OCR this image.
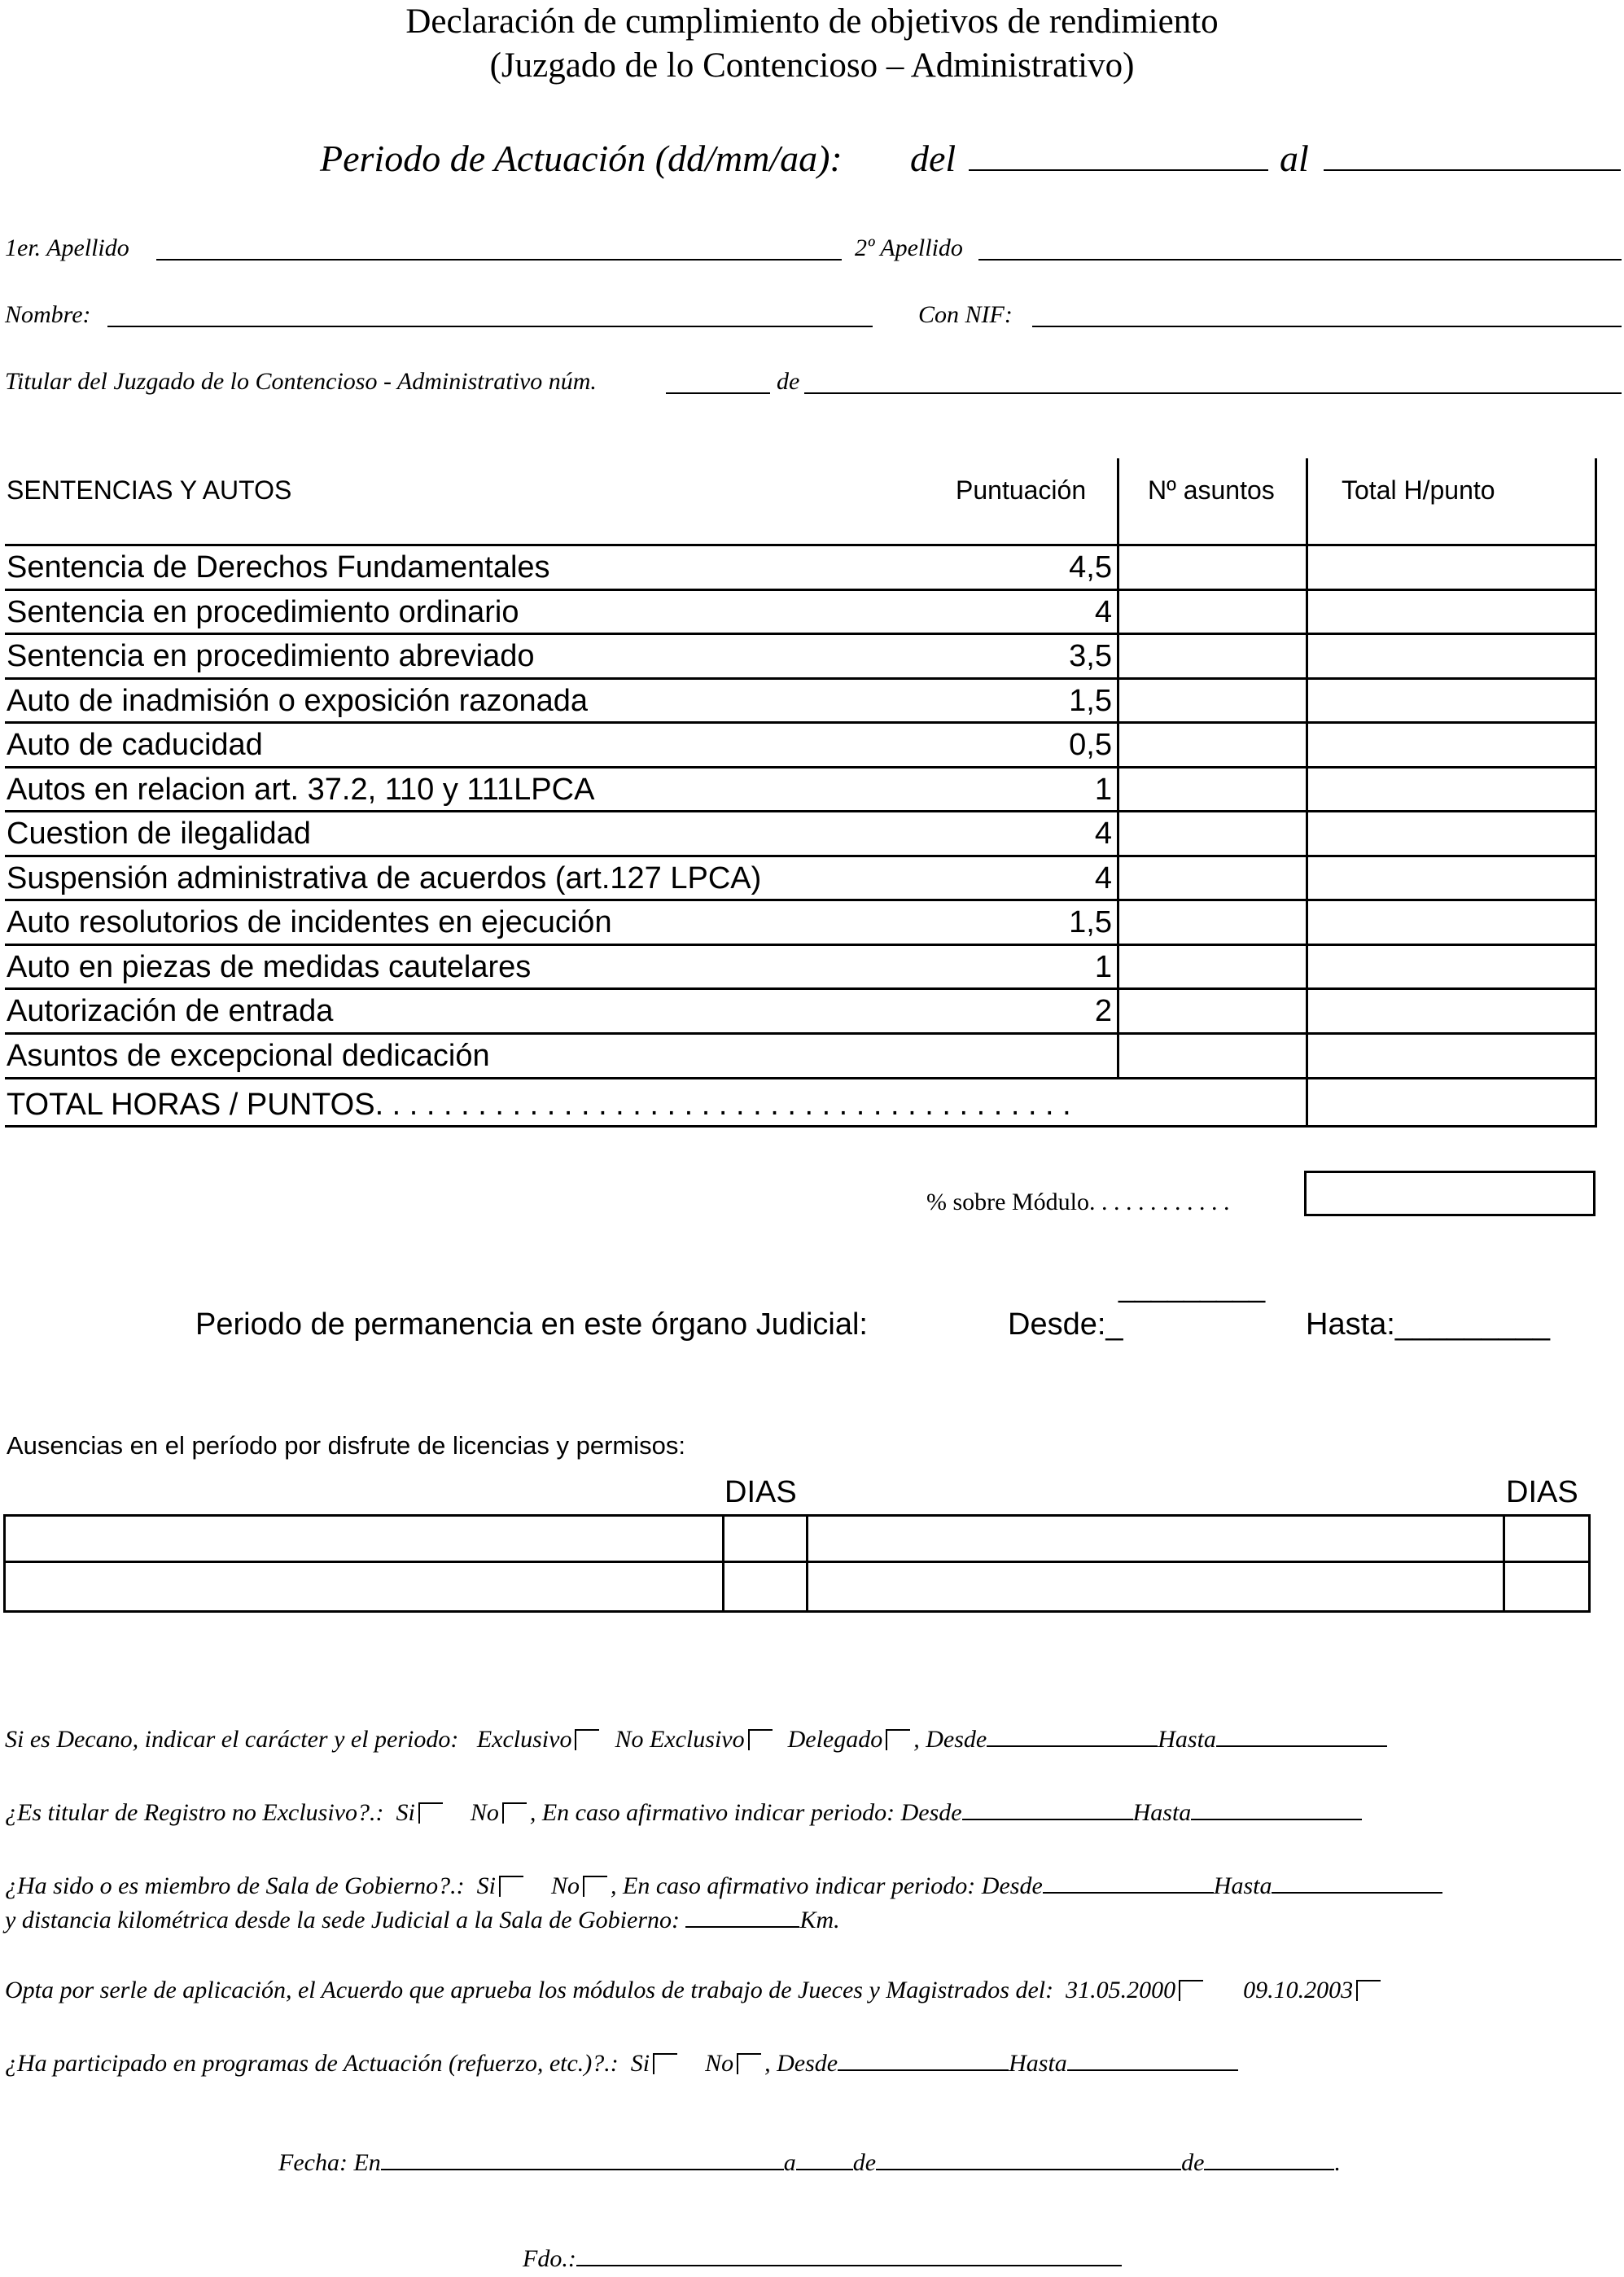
Declaración de cumplimiento de objetivos de rendimiento
(Juzgado de lo Contencioso – Administrativo)
Periodo de Actuación (dd/mm/aa): del	al
1er. Apellido	2º Apellido
Nombre:	Con NIF:
Titular del Juzgado de lo Contencioso - Administrativo núm.	de
SENTENCIAS Y AUTOS	Puntuación Nº asuntos	Total H/punto
Sentencia de Derechos Fundamentales	4,5
Sentencia en procedimiento ordinario	4
Sentencia en procedimiento abreviado	3,5
Auto de inadmisión o exposición razonada	1,5
Auto de caducidad	0,5
Autos en relacion art. 37.2, 110 y 111LPCA	1
Cuestion de ilegalidad	4
Suspensión administrativa de acuerdos (art.127 LPCA)	4
Auto resolutorios de incidentes en ejecución	1,5
Auto en piezas de medidas cautelares	1
Autorización de entrada	2
Asuntos de excepcional dedicación
TOTAL HORAS / PUNTOS. . . . . . . . . . . . . . . . . . . . . . . . . . . . . . . . . . . . . . . . .
% sobre Módulo. . . . . . . . . . . .
_________
Periodo de permanencia en este órgano Judicial:	Desde:_	Hasta:_________
Ausencias en el período por disfrute de licencias y permisos:
DIAS	DIAS
Si es Decano, indicar el carácter y el periodo: Exclusivo No Exclusivo Delegado , Desde	Hasta
¿Es titular de Registro no Exclusivo?.: Si No , En caso afirmativo indicar periodo: Desde	Hasta
¿Ha sido o es miembro de Sala de Gobierno?.: Si No , En caso afirmativo indicar periodo: Desde	Hasta
y distancia kilométrica desde la sede Judicial a la Sala de Gobierno:	Km.
Opta por serle de aplicación, el Acuerdo que aprueba los módulos de trabajo de Jueces y Magistrados del: 31.05.2000	09.10.2003
¿Ha participado en programas de Actuación (refuerzo, etc.)?.: Si No , Desde	Hasta
Fecha: En	a de	de	.
Fdo.:
